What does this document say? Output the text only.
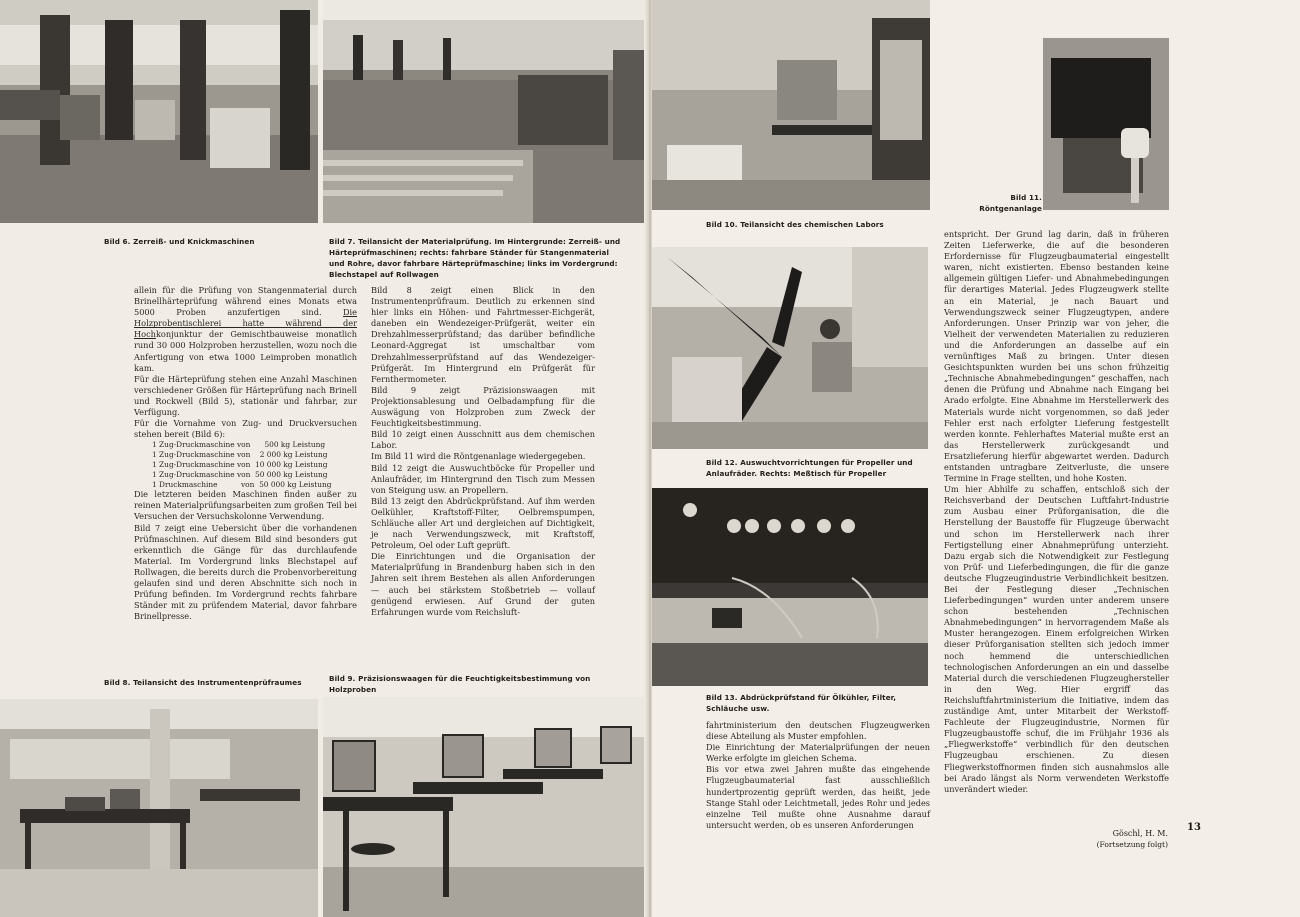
Bild 6. Zerreiß- und Knickmaschinen	Bild 7. Teilansicht der Materialprüfung. Im Hintergrunde: Zerreiß- und Härteprüfmaschinen; rechts: fahrbare Ständer für Stangenmaterial und Rohre, davor fahrbare Härteprüfmaschine; links im Vordergrund: Blechstapel auf Rollwagen

allein für die Prüfung von Stangenmaterial durch Brinellhärteprüfung während eines Monats etwa 5000 Proben anzufertigen sind. Die Holzprobentischlerei hatte während der Hochkonjunktur der Gemischtbauweise monatlich rund 30 000 Holzproben herzustellen, wozu noch die Anfertigung von etwa 1000 Leimproben monatlich kam.

Für die Härteprüfung stehen eine Anzahl Maschinen verschiedener Größen für Härteprüfung nach Brinell und Rockwell (Bild 5), stationär und fahrbar, zur Verfügung.

Für die Vornahme von Zug- und Druckversuchen stehen bereit (Bild 6):

1 Zug-Druckmaschine von      500 kg Leistung
1 Zug-Druckmaschine von    2 000 kg Leistung
1 Zug-Druckmaschine von  10 000 kg Leistung
1 Zug-Druckmaschine von  50 000 kg Leistung
1 Druckmaschine          von  50 000 kg Leistung

Die letzteren beiden Maschinen finden außer zu reinen Materialprüfungsarbeiten zum großen Teil bei Versuchen der Versuchskolonne Verwendung.

Bild 7 zeigt eine Uebersicht über die vorhandenen Prüfmaschinen. Auf diesem Bild sind besonders gut erkenntlich die Gänge für das durchlaufende Material. Im Vordergrund links Blechstapel auf Rollwagen, die bereits durch die Probenvorbereitung gelaufen sind und deren Abschnitte sich noch in Prüfung befinden. Im Vordergrund rechts fahrbare Ständer mit zu prüfendem Material, davor fahrbare Brinellpresse.

Bild 8 zeigt einen Blick in den Instrumentenprüfraum. Deutlich zu erkennen sind hier links ein Höhen- und Fahrtmesser-Eichgerät, daneben ein Wendezeiger-Prüfgerät, weiter ein Drehzahlmesserprüfstand; das darüber befindliche Leonard-Aggregat ist umschaltbar vom Drehzahlmesserprüfstand auf das Wendezeiger-Prüfgerät. Im Hintergrund ein Prüfgerät für Fernthermometer.

Bild 9 zeigt Präzisionswaagen mit Projektionsablesung und Oelbadampfung für die Auswägung von Holzproben zum Zweck der Feuchtigkeitsbestimmung.

Bild 10 zeigt einen Ausschnitt aus dem chemischen Labor.

Im Bild 11 wird die Röntgenanlage wiedergegeben.

Bild 12 zeigt die Auswuchtböcke für Propeller und Anlaufräder, im Hintergrund den Tisch zum Messen von Steigung usw. an Propellern.

Bild 13 zeigt den Abdrückprüfstand. Auf ihm werden Oelkühler, Kraftstoff-Filter, Oelbremspumpen, Schläuche aller Art und dergleichen auf Dichtigkeit, je nach Verwendungszweck, mit Kraftstoff, Petroleum, Oel oder Luft geprüft.

Die Einrichtungen und die Organisation der Materialprüfung in Brandenburg haben sich in den Jahren seit ihrem Bestehen als allen Anforderungen — auch bei stärkstem Stoßbetrieb — vollauf genügend erwiesen. Auf Grund der guten Erfahrungen wurde vom Reichsluft-

Bild 8. Teilansicht des Instrumentenprüfraumes	Bild 9. Präzisionswaagen für die Feuchtigkeitsbestimmung von Holzproben
Bild 11.
Röntgenanlage
Bild 10. Teilansicht des chemischen Labors
Bild 12. Auswuchtvorrichtungen für Propeller und Anlaufräder. Rechts: Meßtisch für Propeller
Bild 13. Abdrückprüfstand für Ölkühler, Filter, Schläuche usw.

fahrtministerium den deutschen Flugzeugwerken diese Abteilung als Muster empfohlen.

Die Einrichtung der Materialprüfungen der neuen Werke erfolgte im gleichen Schema.

Bis vor etwa zwei Jahren mußte das eingehende Flugzeugbaumaterial fast ausschließlich hundertprozentig geprüft werden, das heißt, jede Stange Stahl oder Leichtmetall, jedes Rohr und jedes einzelne Teil mußte ohne Ausnahme darauf untersucht werden, ob es unseren Anforderungen

entspricht. Der Grund lag darin, daß in früheren Zeiten Lieferwerke, die auf die besonderen Erfordernisse für Flugzeugbaumaterial eingestellt waren, nicht existierten. Ebenso bestanden keine allgemein gültigen Liefer- und Abnahmebedingungen für derartiges Material. Jedes Flugzeugwerk stellte an ein Material, je nach Bauart und Verwendungszweck seiner Flugzeugtypen, andere Anforderungen. Unser Prinzip war von jeher, die Vielheit der verwendeten Materialien zu reduzieren und die Anforderungen an dasselbe auf ein vernünftiges Maß zu bringen. Unter diesen Gesichtspunkten wurden bei uns schon frühzeitig „Technische Abnahmebedingungen“ geschaffen, nach denen die Prüfung und Abnahme nach Eingang bei Arado erfolgte. Eine Abnahme im Herstellerwerk des Materials wurde nicht vorgenommen, so daß jeder Fehler erst nach erfolgter Lieferung festgestellt werden konnte. Fehlerhaftes Material mußte erst an das Herstellerwerk zurückgesandt und Ersatzlieferung hierfür abgewartet werden. Dadurch entstanden untragbare Zeitverluste, die unsere Termine in Frage stellten, und hohe Kosten.

Um hier Abhilfe zu schaffen, entschloß sich der Reichsverband der Deutschen Luftfahrt-Industrie zum Ausbau einer Prüforganisation, die die Herstellung der Baustoffe für Flugzeuge überwacht und schon im Herstellerwerk nach ihrer Fertigstellung einer Abnahmeprüfung unterzieht. Dazu ergab sich die Notwendigkeit zur Festlegung von Prüf- und Lieferbedingungen, die für die ganze deutsche Flugzeugindustrie Verbindlichkeit besitzen. Bei der Festlegung dieser „Technischen Lieferbedingungen“ wurden unter anderem unsere schon bestehenden „Technischen Abnahmebedingungen“ in hervorragendem Maße als Muster herangezogen. Einem erfolgreichen Wirken dieser Prüforganisation stellten sich jedoch immer noch hemmend die unterschiedlichen technologischen Anforderungen an ein und dasselbe Material durch die verschiedenen Flugzeughersteller in den Weg. Hier ergriff das Reichsluftfahrtministerium die Initiative, indem das zuständige Amt, unter Mitarbeit der Werkstoff-Fachleute der Flugzeugindustrie, Normen für Flugzeugbaustoffe schuf, die im Frühjahr 1936 als „Fliegwerkstoffe“ verbindlich für den deutschen Flugzeugbau erschienen. Zu diesen Fliegwerkstoffnormen finden sich ausnahmslos alle bei Arado längst als Norm verwendeten Werkstoffe unverändert wieder.

Göschl, H. M.
(Fortsetzung folgt)
13
